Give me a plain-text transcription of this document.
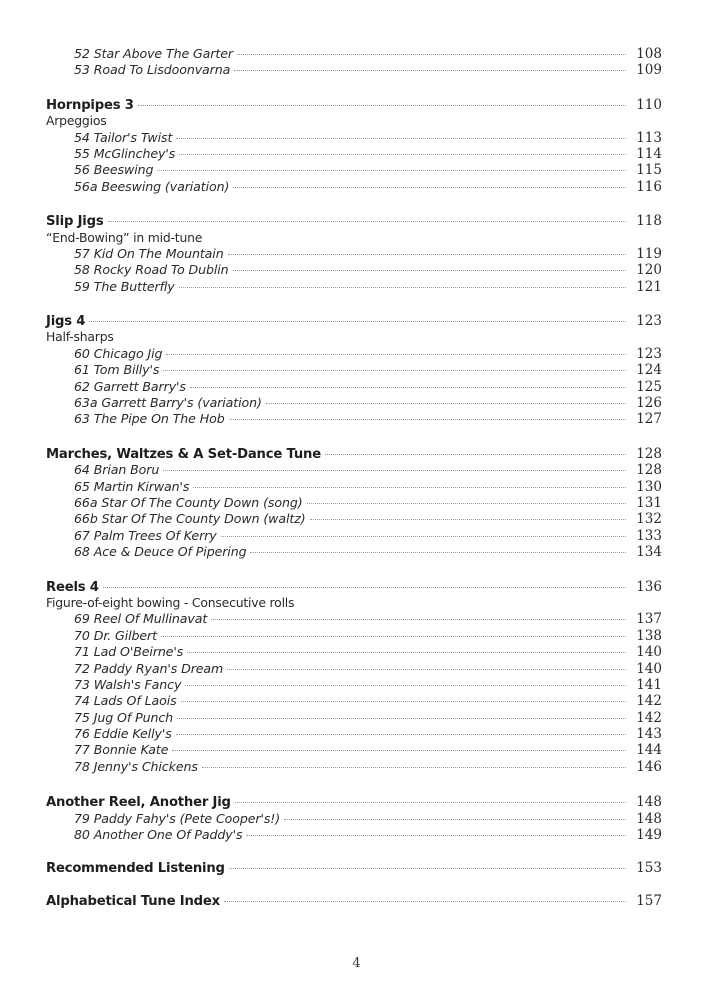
52 Star Above The Garter	108
53 Road To Lisdoonvarna	109
Hornpipes 3	110
Arpeggios
54 Tailor's Twist	113
55 McGlinchey's	114
56 Beeswing	115
56a Beeswing (variation)	116
Slip Jigs	118
“End-Bowing” in mid-tune
57 Kid On The Mountain	119
58 Rocky Road To Dublin	120
59 The Butterfly	121
Jigs 4	123
Half-sharps
60 Chicago Jig	123
61 Tom Billy's	124
62 Garrett Barry's	125
63a Garrett Barry's (variation)	126
63 The Pipe On The Hob	127
Marches, Waltzes & A Set-Dance Tune	128
64 Brian Boru	128
65 Martin Kirwan's	130
66a Star Of The County Down (song)	131
66b Star Of The County Down (waltz)	132
67 Palm Trees Of Kerry	133
68 Ace & Deuce Of Pipering	134
Reels 4	136
Figure-of-eight bowing - Consecutive rolls
69 Reel Of Mullinavat	137
70 Dr. Gilbert	138
71 Lad O'Beirne's	140
72 Paddy Ryan's Dream	140
73 Walsh's Fancy	141
74 Lads Of Laois	142
75 Jug Of Punch	142
76 Eddie Kelly's	143
77 Bonnie Kate	144
78 Jenny's Chickens	146
Another Reel, Another Jig	148
79 Paddy Fahy's (Pete Cooper's!)	148
80 Another One Of Paddy's	149
Recommended Listening	153
Alphabetical Tune Index	157
4
